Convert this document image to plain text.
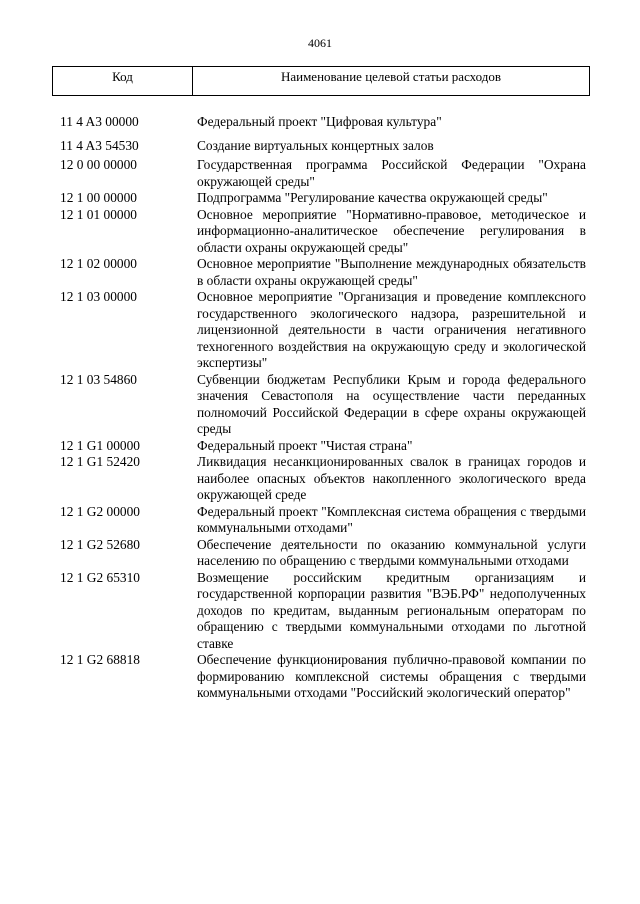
4061
Код	Наименование целевой статьи расходов
11 4 A3 00000	Федеральный проект "Цифровая культура"
11 4 A3 54530	Создание виртуальных концертных залов
12 0 00 00000	Государственная программа Российской Федерации "Охрана окружающей среды"
12 1 00 00000	Подпрограмма "Регулирование качества окружающей среды"
12 1 01 00000	Основное мероприятие "Нормативно-правовое, методическое и информационно-аналитическое обеспечение регулирования в области охраны окружающей среды"
12 1 02 00000	Основное мероприятие "Выполнение международных обязательств в области охраны окружающей среды"
12 1 03 00000	Основное мероприятие "Организация и проведение комплексного государственного экологического надзора, разрешительной и лицензионной деятельности в части ограничения негативного техногенного воздействия на окружающую среду и экологической экспертизы"
12 1 03 54860	Субвенции бюджетам Республики Крым и города федерального значения Севастополя на осуществление части переданных полномочий Российской Федерации в сфере охраны окружающей среды
12 1 G1 00000	Федеральный проект "Чистая страна"
12 1 G1 52420	Ликвидация несанкционированных свалок в границах городов и наиболее опасных объектов накопленного экологического вреда окружающей среде
12 1 G2 00000	Федеральный проект "Комплексная система обращения с твердыми коммунальными отходами"
12 1 G2 52680	Обеспечение деятельности по оказанию коммунальной услуги населению по обращению с твердыми коммунальными отходами
12 1 G2 65310	Возмещение российским кредитным организациям и государственной корпорации развития "ВЭБ.РФ" недополученных доходов по кредитам, выданным региональным операторам по обращению с твердыми коммунальными отходами по льготной ставке
12 1 G2 68818	Обеспечение функционирования публично-правовой компании по формированию комплексной системы обращения с твердыми коммунальными отходами "Российский экологический оператор"
